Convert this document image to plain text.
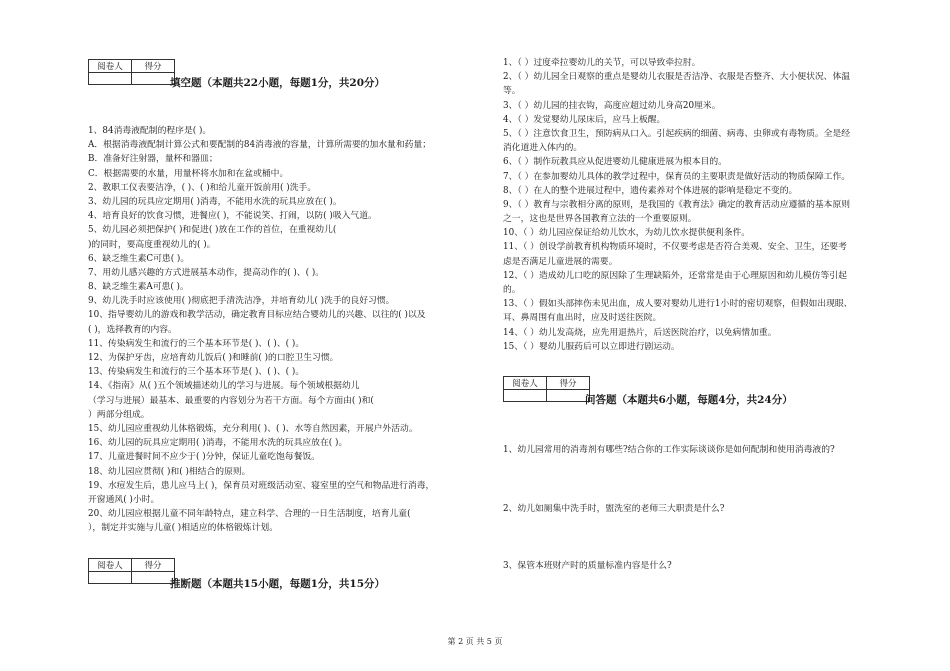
阅卷人	得分

填空题（本题共22小题，每题1分，共20分）
1、84消毒液配制的程序是( )。
A．根据消毒液配制计算公式和要配制的84消毒液的容量，计算所需要的加水量和药量；
B．准备好注射器，量杯和器皿；
C．根据需要的水量，用量杯将水加和在盆或桶中。
2、教职工仪表要洁净，( )、( )和给儿童开饭前用( )洗手。
3、幼儿园的玩具应定期用( )消毒，不能用水洗的玩具应放在( )。
4、培育良好的饮食习惯，进餐应( )，不能说笑、打闹，以防( )吸入气道。
5、幼儿园必须把保护( )和促进( )放在工作的首位，在重视幼儿(
)的同时，要高度重视幼儿的( )。
6、缺乏维生素C可患( )。
7、用幼儿感兴趣的方式进展基本动作，提高动作的( )、( )。
8、缺乏维生素A可患( )。
9、幼儿洗手时应该使用( )彻底把手清洗洁净，并培育幼儿( )洗手的良好习惯。
10、指导婴幼儿的游戏和教学活动，确定教育目标应结合婴幼儿的兴趣、以往的( )以及
( )，选择教育的内容。
11、传染病发生和流行的三个基本环节是( )、( )、( )。
12、为保护牙齿，应培育幼儿饭后( )和睡前( )的口腔卫生习惯。
13、传染病发生和流行的三个基本环节是( )、( )、( )。
14、《指南》从( )五个领域描述幼儿的学习与进展。每个领域根据幼儿
（学习与进展）最基本、最重要的内容划分为若干方面。每个方面由( )和(
）两部分组成。
15、幼儿园应重视幼儿体格锻炼，充分利用( )、( )、水等自然因素，开展户外活动。
16、幼儿园的玩具应定期用( )消毒，不能用水洗的玩具应放在( )。
17、儿童进餐时间不应少于( )分钟，保证儿童吃饱每餐饭。
18、幼儿园应贯彻( )和( )相结合的原则。
19、水痘发生后，患儿应马上( )，保育员对班级活动室、寝室里的空气和物品进行消毒，
开窗通风( )小时。
20、幼儿园应根据儿童不同年龄特点，建立科学、合理的一日生活制度，培育儿童(
），制定并实施与儿童( )相适应的体格锻炼计划。
阅卷人	得分

推断题（本题共15小题，每题1分，共15分）
1、（ ）过度牵拉婴幼儿的关节，可以导致牵拉肘。
2、（ ）幼儿园全日观察的重点是婴幼儿衣服是否洁净、衣服是否整齐、大小便状况、体温
等。
3、（ ）幼儿园的挂衣钩，高度应超过幼儿身高20厘米。
4、（ ）发觉婴幼儿尿床后，应马上板醒。
5、（ ）注意饮食卫生，预防病从口入。引起疾病的细菌、病毒、虫卵或有毒物质。全是经
消化道进入体内的。
6、（ ）制作玩教具应从促进婴幼儿健康进展为根本目的。
7、（ ）在参加婴幼儿具体的教学过程中，保育员的主要职责是做好活动的物质保障工作。
8、（ ）在人的整个进展过程中，遗传素养对个体进展的影响是稳定不变的。
9、（ ）教育与宗教相分离的原则，是我国的《教育法》确定的教育活动应遵循的基本原则
之一，这也是世界各国教育立法的一个重要原则。
10、（ ）幼儿园应保证给幼儿饮水，为幼儿饮水提供便利条件。
11、（ ）创设学前教育机构物质环境时，不仅要考虑是否符合美观、安全、卫生，还要考
虑是否满足儿童进展的需要。
12、（ ）造成幼儿口吃的原因除了生理缺陷外，还常常是由于心理原因和幼儿模仿等引起
的。
13、（ ）假如头部摔伤未见出血，成人要对婴幼儿进行1小时的密切观察，但假如出现眼、
耳、鼻周围有血出时，应及时送往医院。
14、（ ）幼儿发高烧，应先用退热片，后送医院治疗，以免病情加重。
15、（ ）婴幼儿服药后可以立即进行剧运动。
阅卷人	得分

问答题（本题共6小题，每题4分，共24分）
1、幼儿园常用的消毒剂有哪些?结合你的工作实际谈谈你是如何配制和使用消毒液的?
2、幼儿如厕集中洗手时，盥洗室的老师三大职责是什么?
3、保管本班财产时的质量标准内容是什么?
第 2 页 共 5 页
